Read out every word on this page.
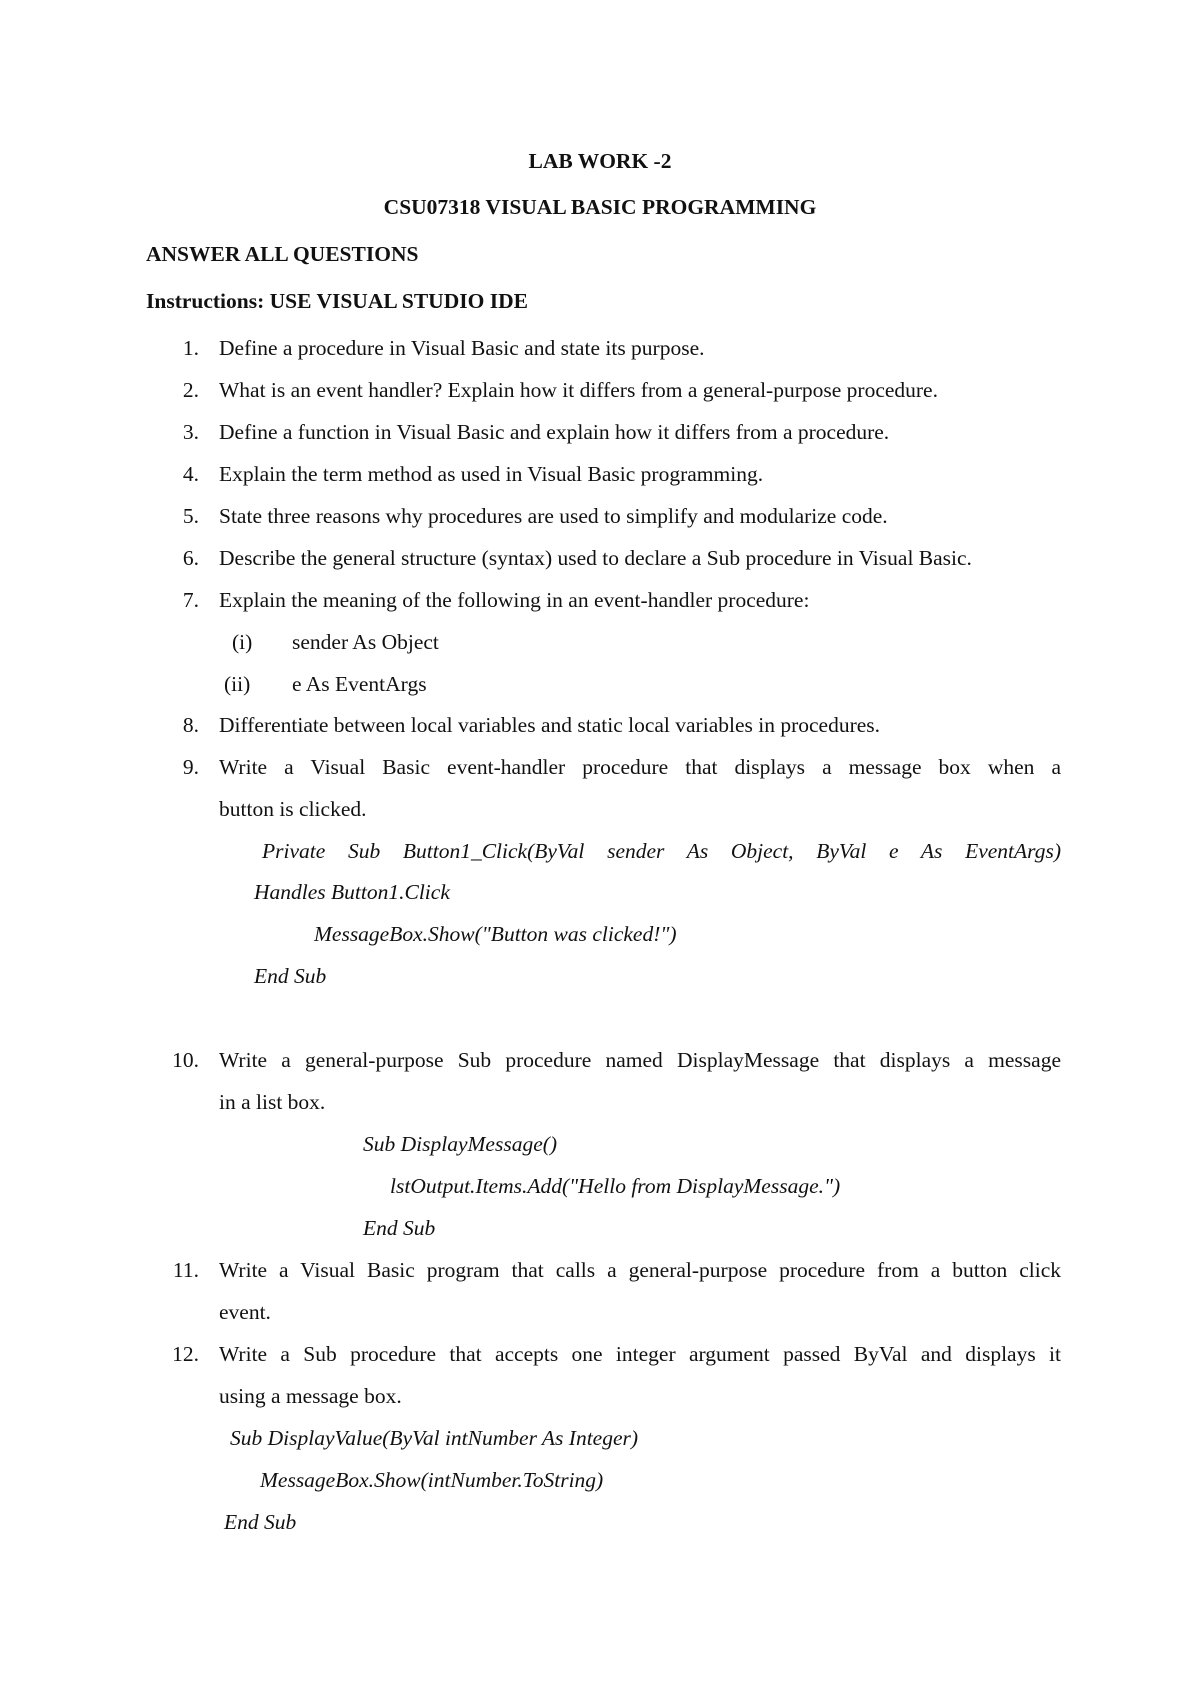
LAB WORK -2
CSU07318 VISUAL BASIC PROGRAMMING
ANSWER ALL QUESTIONS
Instructions: USE VISUAL STUDIO IDE
1. Define a procedure in Visual Basic and state its purpose.
2. What is an event handler? Explain how it differs from a general-purpose procedure.
3. Define a function in Visual Basic and explain how it differs from a procedure.
4. Explain the term method as used in Visual Basic programming.
5. State three reasons why procedures are used to simplify and modularize code.
6. Describe the general structure (syntax) used to declare a Sub procedure in Visual Basic.
7. Explain the meaning of the following in an event-handler procedure:
(i) sender As Object
(ii) e As EventArgs
8. Differentiate between local variables and static local variables in procedures.
9. Write a Visual Basic event-handler procedure that displays a message box when a
button is clicked.
Private Sub Button1_Click(ByVal sender As Object, ByVal e As EventArgs)
Handles Button1.Click
MessageBox.Show("Button was clicked!")
End Sub
10. Write a general-purpose Sub procedure named DisplayMessage that displays a message
in a list box.
Sub DisplayMessage()
lstOutput.Items.Add("Hello from DisplayMessage.")
End Sub
11. Write a Visual Basic program that calls a general-purpose procedure from a button click
event.
12. Write a Sub procedure that accepts one integer argument passed ByVal and displays it
using a message box.
Sub DisplayValue(ByVal intNumber As Integer)
MessageBox.Show(intNumber.ToString)
End Sub
